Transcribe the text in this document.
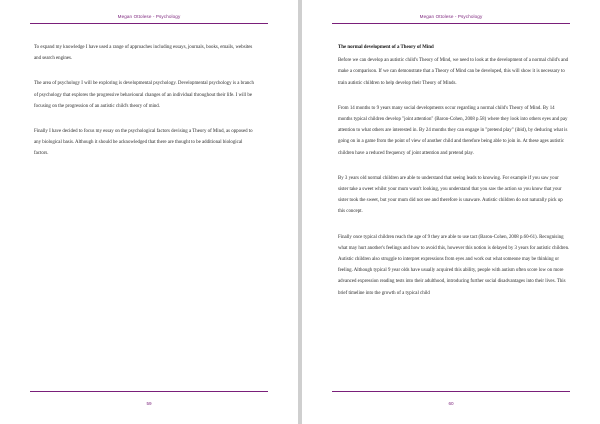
Megan Ottolese - Psychology

To expand my knowledge I have used a range of approaches including essays, journals, books, emails, websites and search engines.

The area of psychology I will be exploring is developmental psychology. Developmental psychology is a branch of psychology that explores the progressive behavioural changes of an individual throughout their life. I will be focusing on the progression of an autistic child's theory of mind.

Finally I have decided to focus my essay on the psychological factors devising a Theory of Mind, as opposed to any biological basis. Although it should be acknowledged that there are thought to be additional biological factors.

59
Megan Ottolese - Psychology

The normal development of a Theory of Mind

Before we can develop an autistic child's Theory of Mind, we need to look at the development of a normal child's and make a comparison. If we can demonstrate that a Theory of Mind can be developed, this will show it is necessary to train autistic children to help develop their Theory of Minds.

From 14 months to 9 years many social developments occur regarding a normal child's Theory of Mind. By 14 months typical children develop "joint attention" (Baron-Cohen, 2008 p.58) where they look into others eyes and pay attention to what others are interested in. By 24 months they can engage in "pretend play" (ibid), by deducing what is going on in a game from the point of view of another child and therefore being able to join in. At these ages autistic children have a reduced frequency of joint attention and pretend play.

By 3 years old normal children are able to understand that seeing leads to knowing. For example if you saw your sister take a sweet whilst your mum wasn't looking, you understand that you saw the action so you know that your sister took the sweet, but your mum did not see and therefore is unaware. Autistic children do not naturally pick up this concept.

Finally once typical children reach the age of 9 they are able to use tact (Baron-Cohen, 2008 p.60-61). Recognising what may hurt another's feelings and how to avoid this, however this notion is delayed by 3 years for autistic children. Autistic children also struggle to interpret expressions from eyes and work out what someone may be thinking or feeling. Although typical 9 year olds have usually acquired this ability, people with autism often score low on more advanced expression reading tests into their adulthood, introducing further social disadvantages into their lives. This brief timeline into the growth of a typical child

60
